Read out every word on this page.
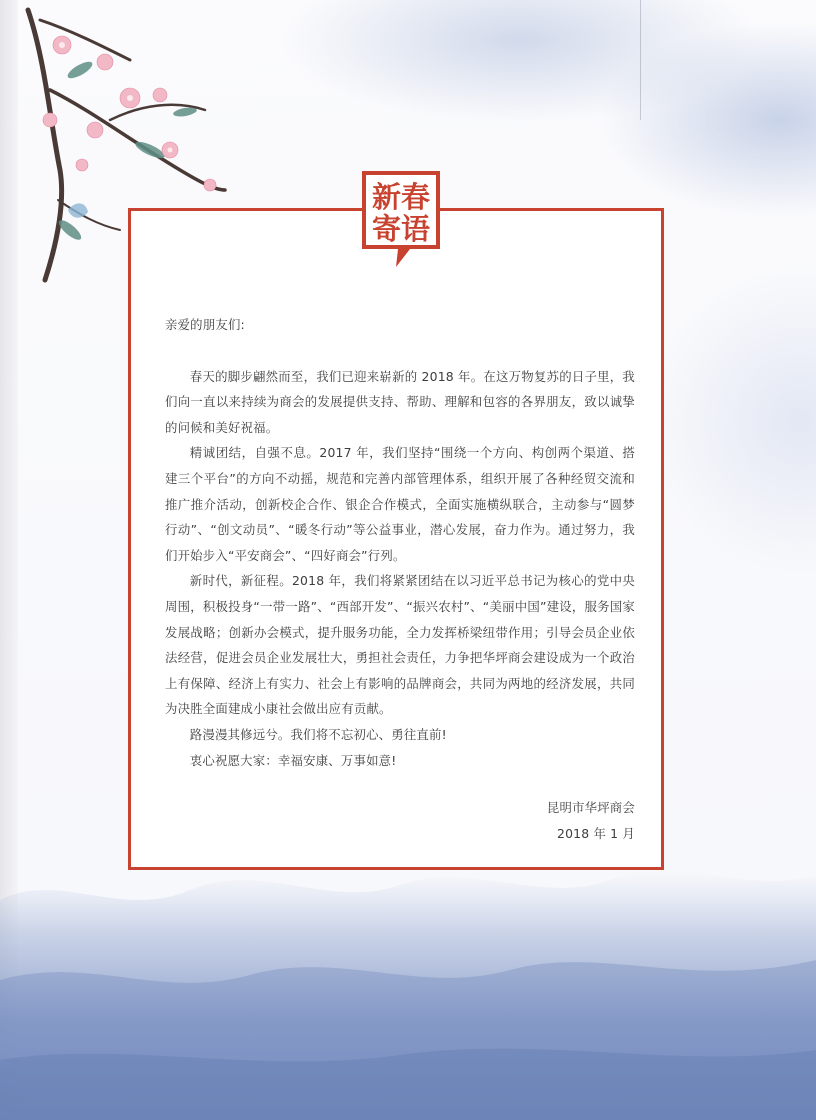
新春
寄语

亲爱的朋友们:

春天的脚步翩然而至，我们已迎来崭新的 2018 年。在这万物复苏的日子里，我们向一直以来持续为商会的发展提供支持、帮助、理解和包容的各界朋友，致以诚挚的问候和美好祝福。

精诚团结，自强不息。2017 年，我们坚持“围绕一个方向、构创两个渠道、搭建三个平台”的方向不动摇，规范和完善内部管理体系，组织开展了各种经贸交流和推广推介活动，创新校企合作、银企合作模式，全面实施横纵联合，主动参与“圆梦行动”、“创文动员”、“暖冬行动”等公益事业，潜心发展，奋力作为。通过努力，我们开始步入“平安商会”、“四好商会”行列。

新时代，新征程。2018 年，我们将紧紧团结在以习近平总书记为核心的党中央周围，积极投身“一带一路”、“西部开发”、“振兴农村”、“美丽中国”建设，服务国家发展战略；创新办会模式，提升服务功能，全力发挥桥梁纽带作用；引导会员企业依法经营，促进会员企业发展壮大，勇担社会责任，力争把华坪商会建设成为一个政治上有保障、经济上有实力、社会上有影响的品牌商会，共同为两地的经济发展，共同为决胜全面建成小康社会做出应有贡献。

路漫漫其修远兮。我们将不忘初心、勇往直前!

衷心祝愿大家：幸福安康、万事如意!

昆明市华坪商会
2018 年 1 月
